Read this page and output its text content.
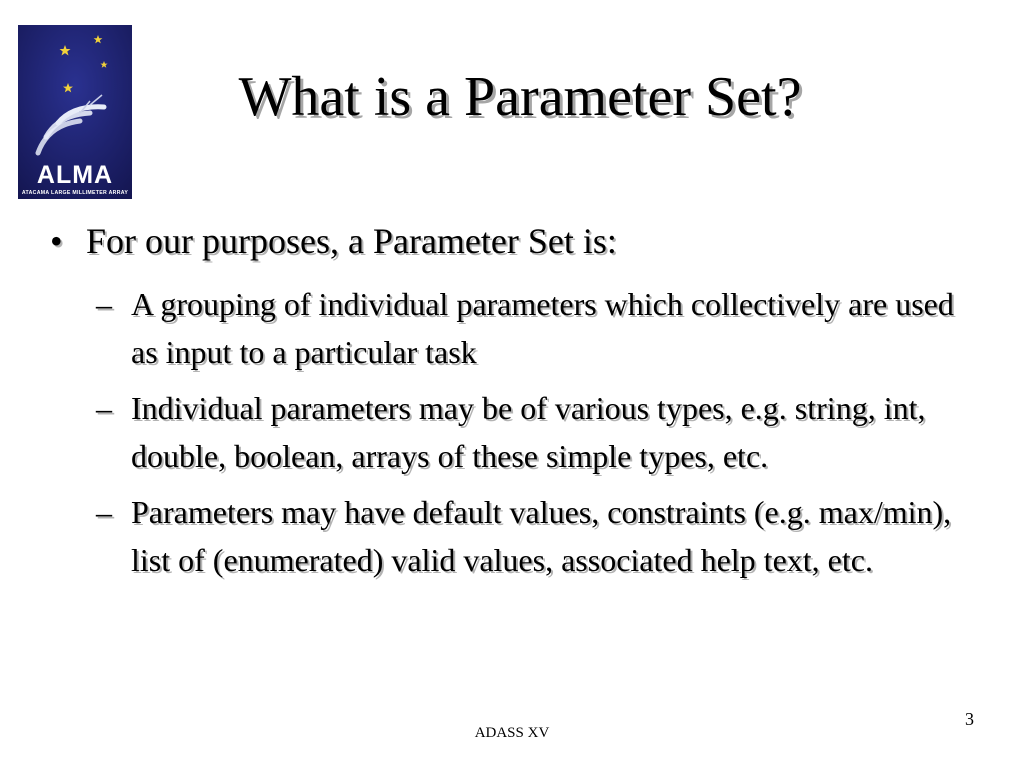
ALMA
ATACAMA LARGE MILLIMETER ARRAY
What is a Parameter Set?
• For our purposes, a Parameter Set is:
– A grouping of individual parameters which collectively are used as input to a particular task
– Individual parameters may be of various types, e.g. string, int, double, boolean, arrays of these simple types, etc.
– Parameters may have default values, constraints (e.g. max/min), list of (enumerated) valid values, associated help text, etc.
ADASS XV
3
